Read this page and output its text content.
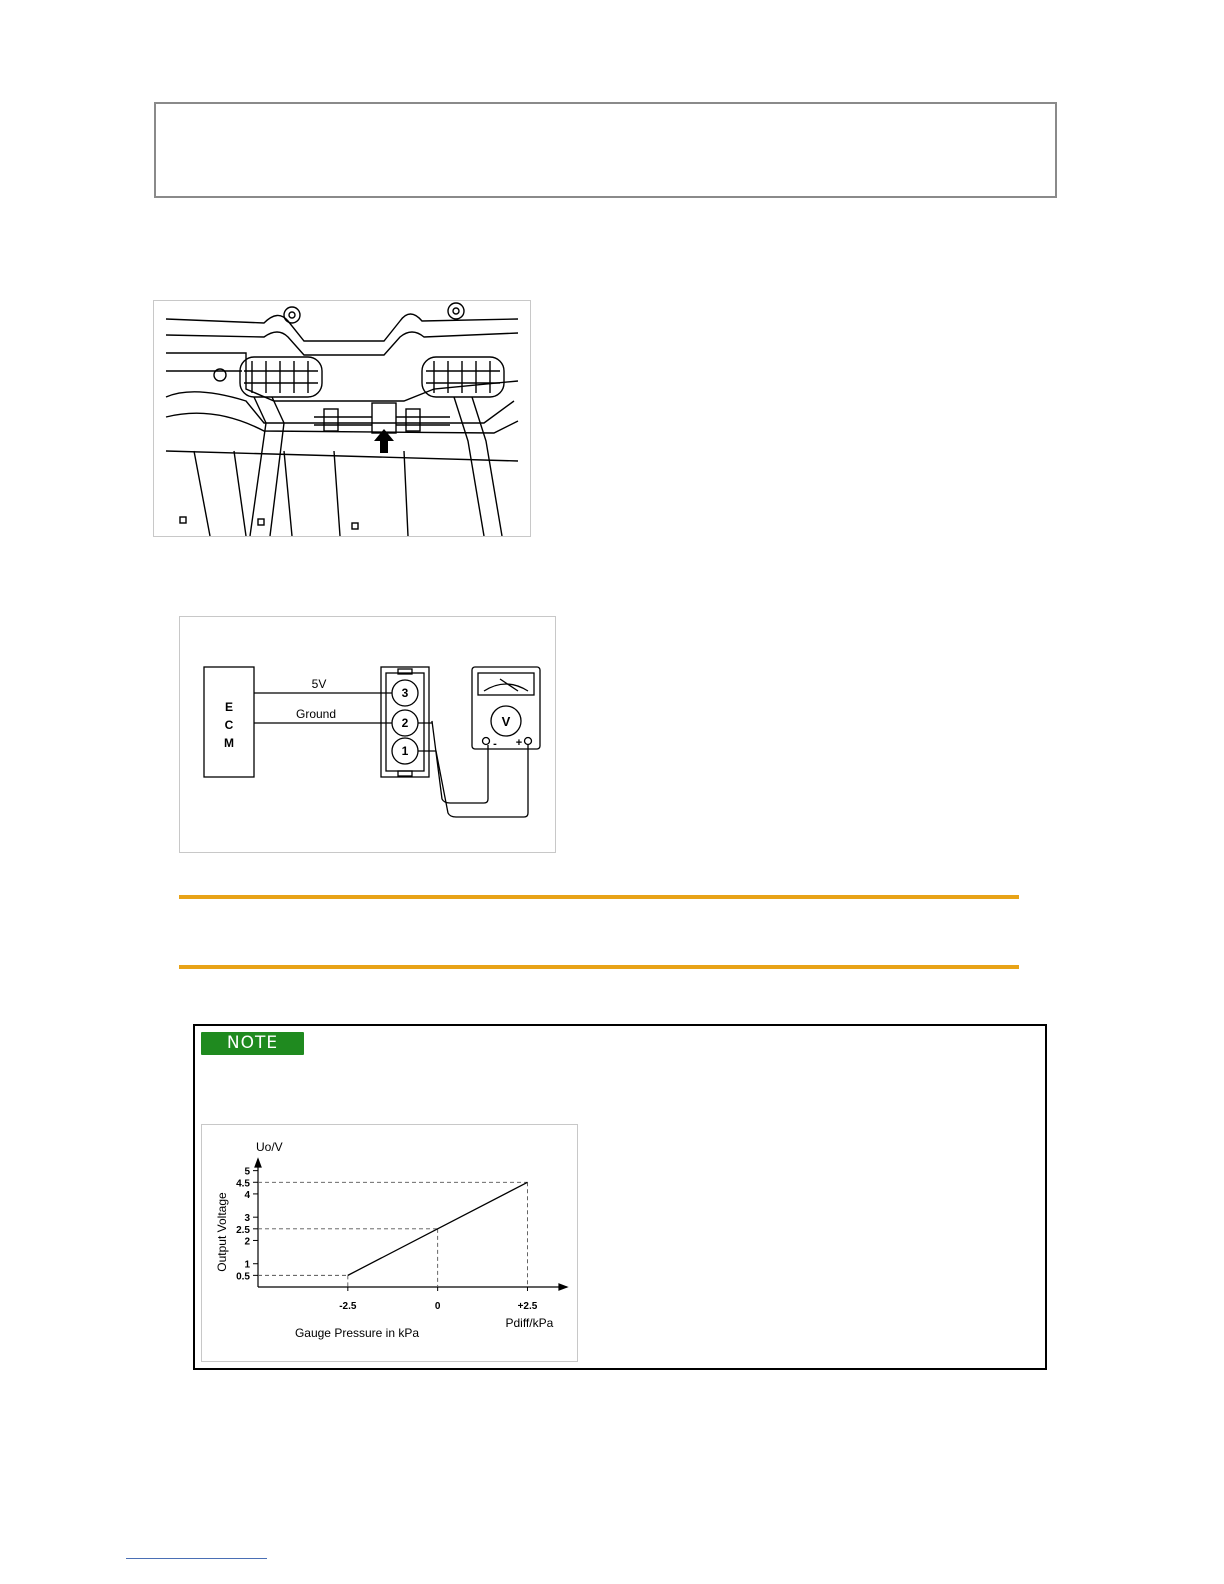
E
C
M
5V
Ground
3
2
1
V
- +
NOTE
0.5
1
2
2.5
3
4
4.5
5
-2.5	0	+2.5
Uo/V
Pdiff/kPa
Gauge Pressure in kPa
Output Voltage
